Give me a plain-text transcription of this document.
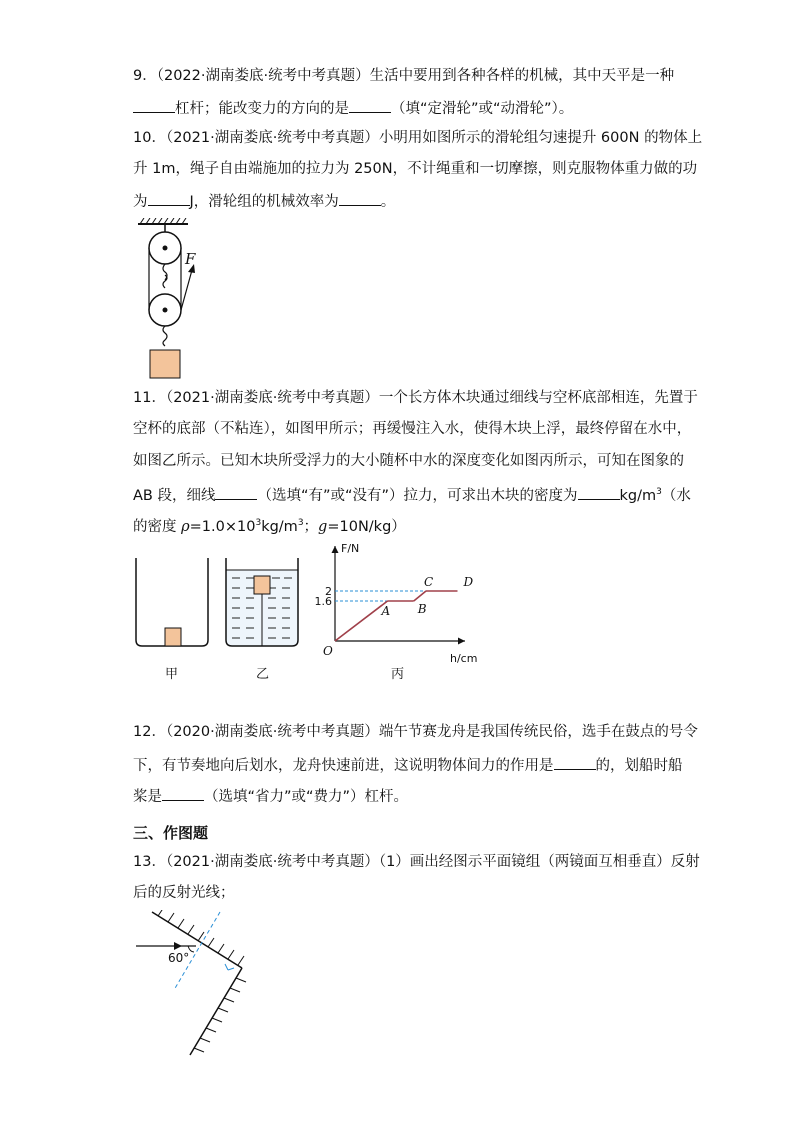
9．（2022·湖南娄底·统考中考真题）生活中要用到各种各样的机械，其中天平是一种
杠杆；能改变力的方向的是	（填“定滑轮”或“动滑轮”）。
10．（2021·湖南娄底·统考中考真题）小明用如图所示的滑轮组匀速提升 600N 的物体上
升 1m，绳子自由端施加的拉力为 250N，不计绳重和一切摩擦，则克服物体重力做的功
为	J，滑轮组的机械效率为	。
F
11．（2021·湖南娄底·统考中考真题）一个长方体木块通过细线与空杯底部相连，先置于
空杯的底部（不粘连），如图甲所示；再缓慢注入水，使得木块上浮，最终停留在水中，
如图乙所示。已知木块所受浮力的大小随杯中水的深度变化如图丙所示，可知在图象的
AB 段，细线	（选填“有”或“没有”）拉力，可求出木块的密度为	$kg/m^3$（水
的密度 $\rho=1.0\times 10^3kg/m^3$；g=10N/kg）
甲	乙
1.6
2
O
A B
C	D
F/N
h/cm
丙
12．（2020·湖南娄底·统考中考真题）端午节赛龙舟是我国传统民俗，选手在鼓点的号令
下，有节奏地向后划水，龙舟快速前进，这说明物体间力的作用是	的，划船时船
桨是	（选填“省力”或“费力”）杠杆。
三、作图题
13．（2021·湖南娄底·统考中考真题）（1）画出经图示平面镜组（两镜面互相垂直）反射
后的反射光线；
60°
